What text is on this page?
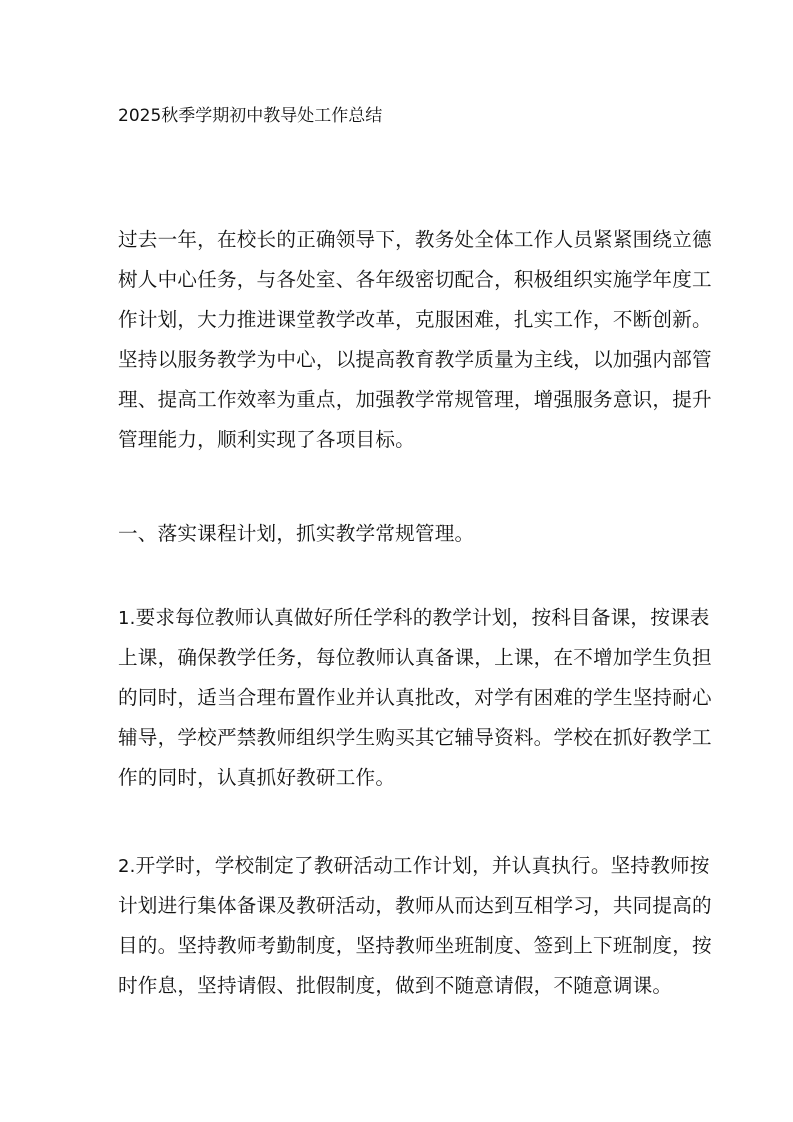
2025秋季学期初中教导处工作总结
过去一年，在校长的正确领导下，教务处全体工作人员紧紧围绕立德
树人中心任务，与各处室、各年级密切配合，积极组织实施学年度工
作计划，大力推进课堂教学改革，克服困难，扎实工作，不断创新。
坚持以服务教学为中心，以提高教育教学质量为主线，以加强内部管
理、提高工作效率为重点，加强教学常规管理，增强服务意识，提升
管理能力，顺利实现了各项目标。
一、落实课程计划，抓实教学常规管理。
1.要求每位教师认真做好所任学科的教学计划，按科目备课，按课表
上课，确保教学任务，每位教师认真备课，上课，在不增加学生负担
的同时，适当合理布置作业并认真批改，对学有困难的学生坚持耐心
辅导，学校严禁教师组织学生购买其它辅导资料。学校在抓好教学工
作的同时，认真抓好教研工作。
2.开学时，学校制定了教研活动工作计划，并认真执行。坚持教师按
计划进行集体备课及教研活动，教师从而达到互相学习，共同提高的
目的。坚持教师考勤制度，坚持教师坐班制度、签到上下班制度，按
时作息，坚持请假、批假制度，做到不随意请假，不随意调课。
